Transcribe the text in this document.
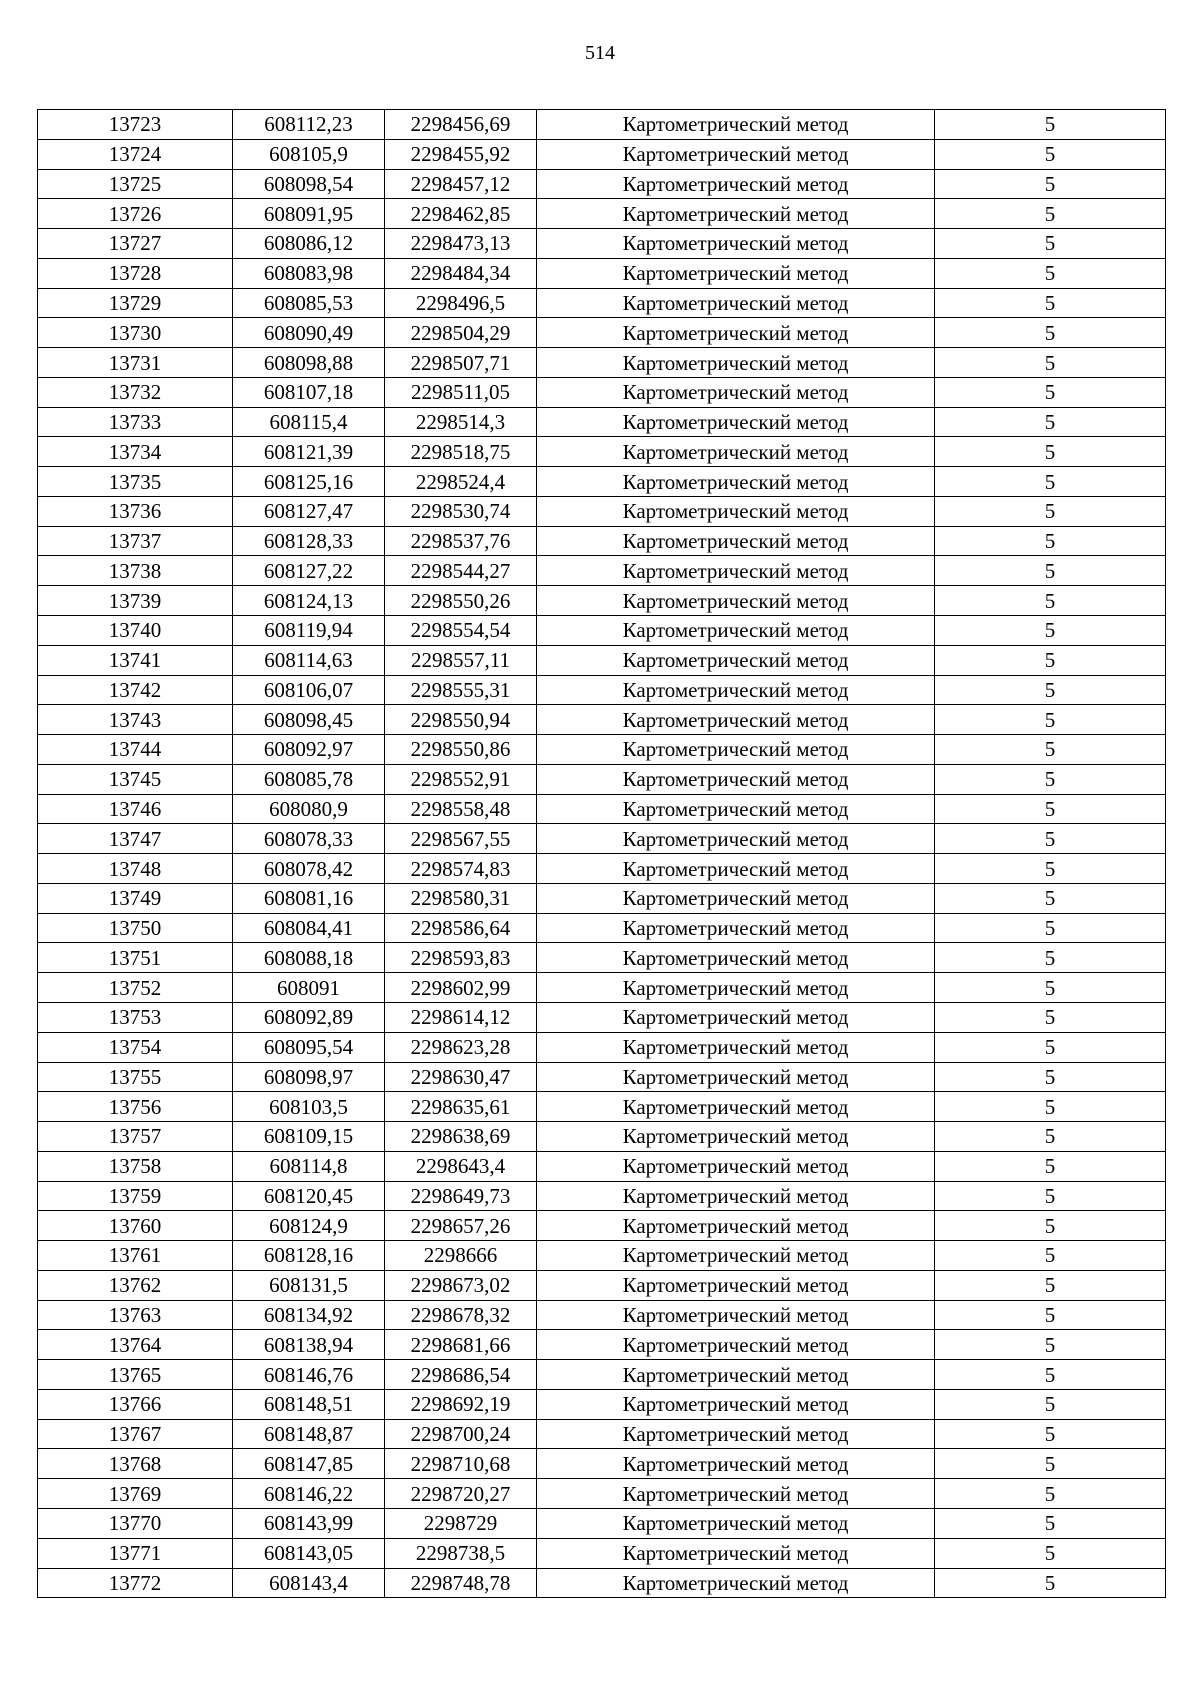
514
13723	608112,23	2298456,69	Картометрический метод	5
13724	608105,9	2298455,92	Картометрический метод	5
13725	608098,54	2298457,12	Картометрический метод	5
13726	608091,95	2298462,85	Картометрический метод	5
13727	608086,12	2298473,13	Картометрический метод	5
13728	608083,98	2298484,34	Картометрический метод	5
13729	608085,53	2298496,5	Картометрический метод	5
13730	608090,49	2298504,29	Картометрический метод	5
13731	608098,88	2298507,71	Картометрический метод	5
13732	608107,18	2298511,05	Картометрический метод	5
13733	608115,4	2298514,3	Картометрический метод	5
13734	608121,39	2298518,75	Картометрический метод	5
13735	608125,16	2298524,4	Картометрический метод	5
13736	608127,47	2298530,74	Картометрический метод	5
13737	608128,33	2298537,76	Картометрический метод	5
13738	608127,22	2298544,27	Картометрический метод	5
13739	608124,13	2298550,26	Картометрический метод	5
13740	608119,94	2298554,54	Картометрический метод	5
13741	608114,63	2298557,11	Картометрический метод	5
13742	608106,07	2298555,31	Картометрический метод	5
13743	608098,45	2298550,94	Картометрический метод	5
13744	608092,97	2298550,86	Картометрический метод	5
13745	608085,78	2298552,91	Картометрический метод	5
13746	608080,9	2298558,48	Картометрический метод	5
13747	608078,33	2298567,55	Картометрический метод	5
13748	608078,42	2298574,83	Картометрический метод	5
13749	608081,16	2298580,31	Картометрический метод	5
13750	608084,41	2298586,64	Картометрический метод	5
13751	608088,18	2298593,83	Картометрический метод	5
13752	608091	2298602,99	Картометрический метод	5
13753	608092,89	2298614,12	Картометрический метод	5
13754	608095,54	2298623,28	Картометрический метод	5
13755	608098,97	2298630,47	Картометрический метод	5
13756	608103,5	2298635,61	Картометрический метод	5
13757	608109,15	2298638,69	Картометрический метод	5
13758	608114,8	2298643,4	Картометрический метод	5
13759	608120,45	2298649,73	Картометрический метод	5
13760	608124,9	2298657,26	Картометрический метод	5
13761	608128,16	2298666	Картометрический метод	5
13762	608131,5	2298673,02	Картометрический метод	5
13763	608134,92	2298678,32	Картометрический метод	5
13764	608138,94	2298681,66	Картометрический метод	5
13765	608146,76	2298686,54	Картометрический метод	5
13766	608148,51	2298692,19	Картометрический метод	5
13767	608148,87	2298700,24	Картометрический метод	5
13768	608147,85	2298710,68	Картометрический метод	5
13769	608146,22	2298720,27	Картометрический метод	5
13770	608143,99	2298729	Картометрический метод	5
13771	608143,05	2298738,5	Картометрический метод	5
13772	608143,4	2298748,78	Картометрический метод	5
